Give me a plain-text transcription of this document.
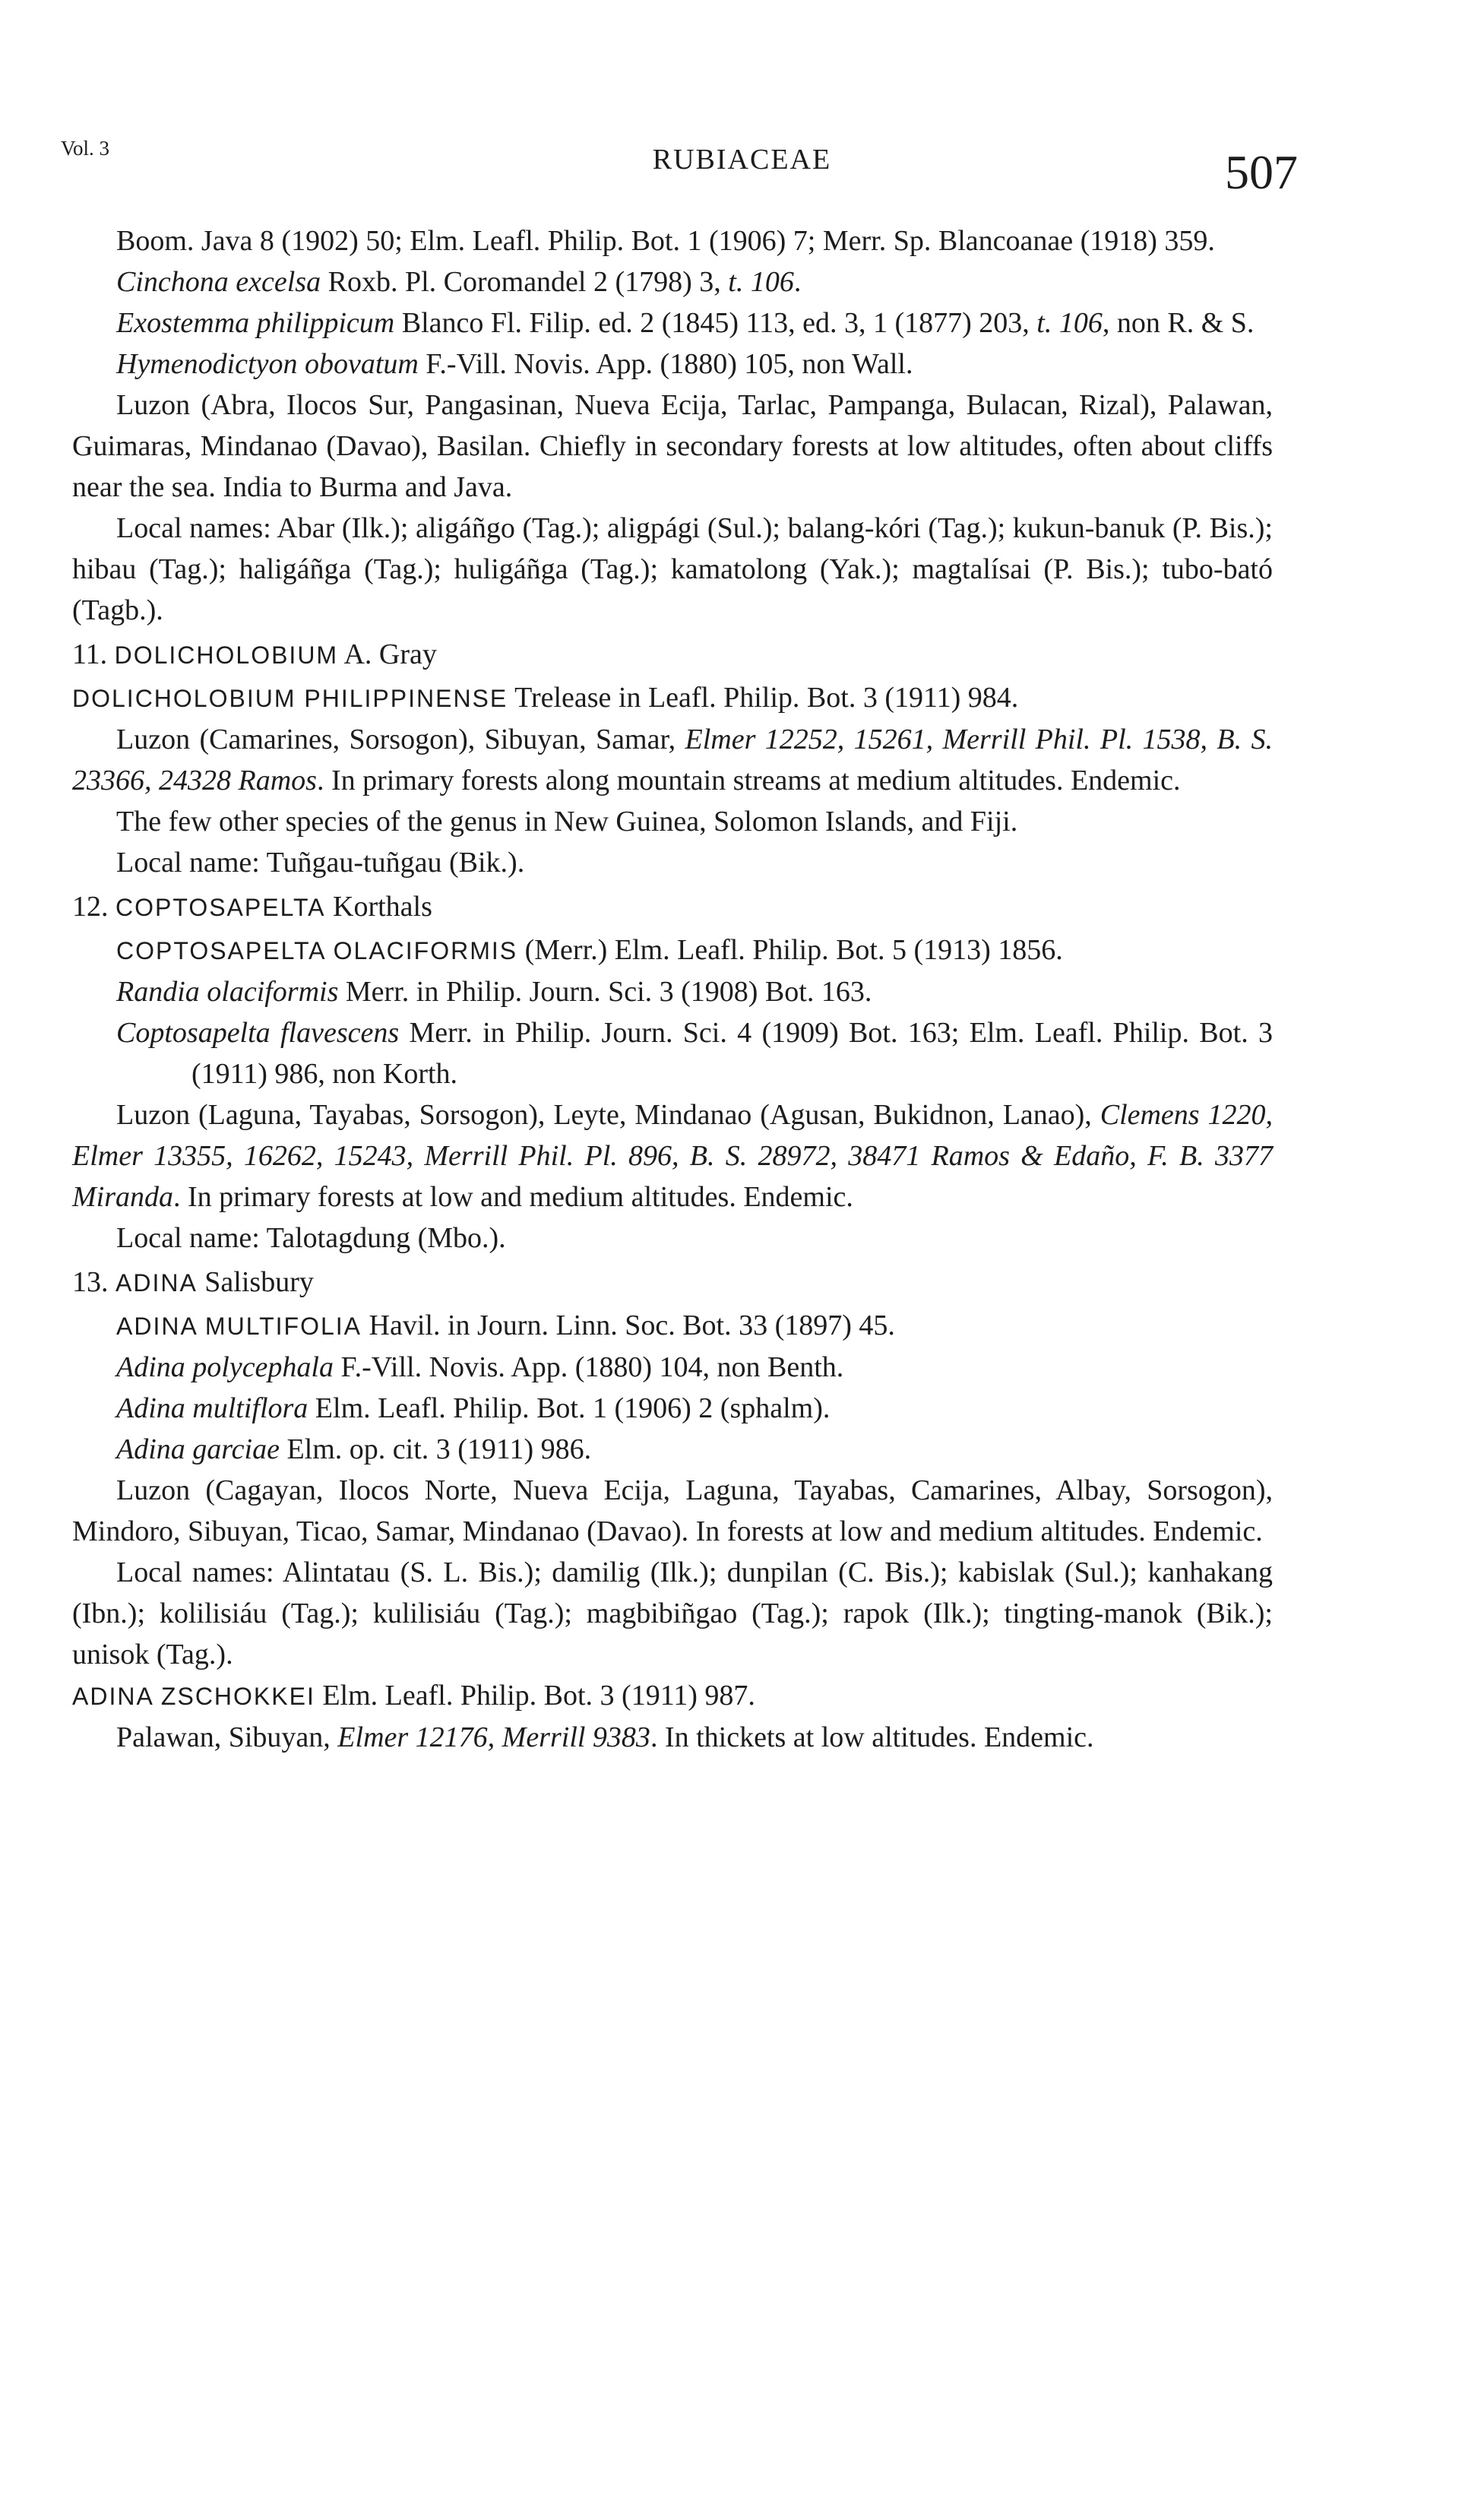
Vol. 3	RUBIACEAE	507

Boom. Java 8 (1902) 50; Elm. Leafl. Philip. Bot. 1 (1906) 7; Merr. Sp. Blancoanae (1918) 359.

Cinchona excelsa Roxb. Pl. Coromandel 2 (1798) 3, t. 106.

Exostemma philippicum Blanco Fl. Filip. ed. 2 (1845) 113, ed. 3, 1 (1877) 203, t. 106, non R. & S.

Hymenodictyon obovatum F.-Vill. Novis. App. (1880) 105, non Wall.

Luzon (Abra, Ilocos Sur, Pangasinan, Nueva Ecija, Tarlac, Pampanga, Bulacan, Rizal), Palawan, Guimaras, Mindanao (Davao), Basilan. Chiefly in secondary forests at low altitudes, often about cliffs near the sea. India to Burma and Java.

Local names: Abar (Ilk.); aligáñgo (Tag.); aligpági (Sul.); balang-kóri (Tag.); kukun-banuk (P. Bis.); hibau (Tag.); haligáñga (Tag.); huligáñga (Tag.); kamatolong (Yak.); magtalísai (P. Bis.); tubo-bató (Tagb.).

11. DOLICHOLOBIUM A. Gray

DOLICHOLOBIUM PHILIPPINENSE Trelease in Leafl. Philip. Bot. 3 (1911) 984.

Luzon (Camarines, Sorsogon), Sibuyan, Samar, Elmer 12252, 15261, Merrill Phil. Pl. 1538, B. S. 23366, 24328 Ramos. In primary forests along mountain streams at medium altitudes. Endemic.

The few other species of the genus in New Guinea, Solomon Islands, and Fiji.

Local name: Tuñgau-tuñgau (Bik.).

12. COPTOSAPELTA Korthals

COPTOSAPELTA OLACIFORMIS (Merr.) Elm. Leafl. Philip. Bot. 5 (1913) 1856.

Randia olaciformis Merr. in Philip. Journ. Sci. 3 (1908) Bot. 163.

Coptosapelta flavescens Merr. in Philip. Journ. Sci. 4 (1909) Bot. 163; Elm. Leafl. Philip. Bot. 3 (1911) 986, non Korth.

Luzon (Laguna, Tayabas, Sorsogon), Leyte, Mindanao (Agusan, Bukidnon, Lanao), Clemens 1220, Elmer 13355, 16262, 15243, Merrill Phil. Pl. 896, B. S. 28972, 38471 Ramos & Edaño, F. B. 3377 Miranda. In primary forests at low and medium altitudes. Endemic.

Local name: Talotagdung (Mbo.).

13. ADINA Salisbury

ADINA MULTIFOLIA Havil. in Journ. Linn. Soc. Bot. 33 (1897) 45.

Adina polycephala F.-Vill. Novis. App. (1880) 104, non Benth.

Adina multiflora Elm. Leafl. Philip. Bot. 1 (1906) 2 (sphalm).

Adina garciae Elm. op. cit. 3 (1911) 986.

Luzon (Cagayan, Ilocos Norte, Nueva Ecija, Laguna, Tayabas, Camarines, Albay, Sorsogon), Mindoro, Sibuyan, Ticao, Samar, Mindanao (Davao). In forests at low and medium altitudes. Endemic.

Local names: Alintatau (S. L. Bis.); damilig (Ilk.); dunpilan (C. Bis.); kabislak (Sul.); kanhakang (Ibn.); kolilisiáu (Tag.); kulilisiáu (Tag.); magbibiñgao (Tag.); rapok (Ilk.); tingting-manok (Bik.); unisok (Tag.).

ADINA ZSCHOKKEI Elm. Leafl. Philip. Bot. 3 (1911) 987.

Palawan, Sibuyan, Elmer 12176, Merrill 9383. In thickets at low altitudes. Endemic.
